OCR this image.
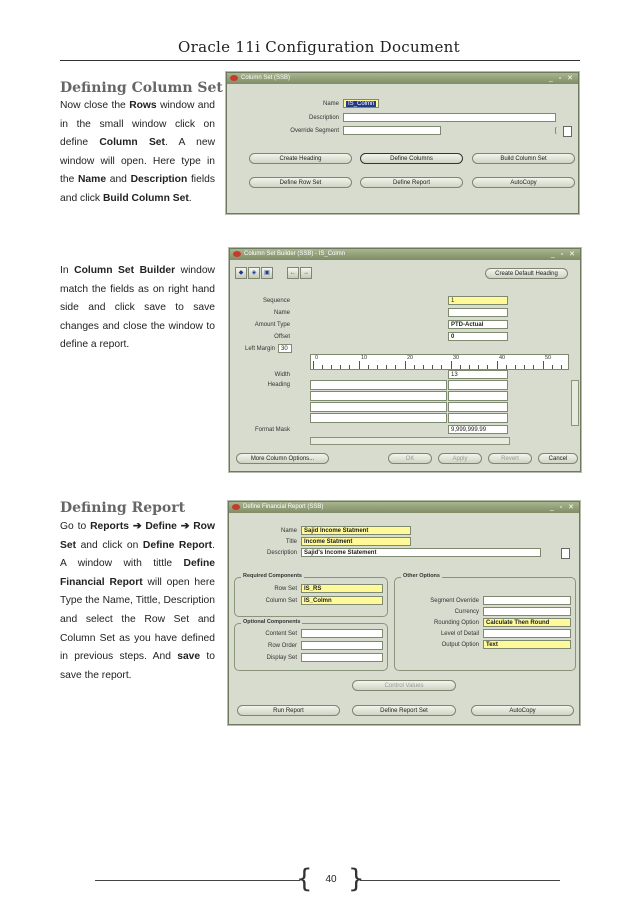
Oracle 11i Configuration Document
Defining Column Set
Now close the Rows window and in the small window click on define Column Set. A new window will open. Here type in the Name and Description fields and click Build Column Set.
Column Set (SSB)	_ ▫ ✕
Name	IS_Colmn
Description
Override Segment	[
Create Heading	Define Columns	Build Column Set
Define Row Set	Define Report	AutoCopy
In Column Set Builder window match the fields as on right hand side and click save to save changes and close the window to define a report.
Column Set Builder (SSB) - IS_Colmn	_ ▫ ✕
◆	◈	▣	←	→	Create Default Heading
Sequence	1
Name
Amount Type	PTD-Actual
Offset	0
Left Margin	30
0	10	20	30	40	50
Width	13
Heading
Format Mask	9,999,999.99
More Column Options...	OK	Apply	Revert	Cancel
Defining Report
Go to Reports ➔ Define ➔ Row Set and click on Define Report. A window with tittle Define Financial Report will open here Type the Name, Tittle, Description and select the Row Set and Column Set as you have defined in previous steps. And save to save the report.
Define Financial Report (SSB)	_ ▫ ✕
Name	Sajid Income Statment
Title	Income Statment
Description	Sajid's Income Statement
Required Components
Row Set	IS_RS
Column Set	IS_Colmn
Optional Components
Content Set
Row Order
Display Set
Other Options
Segment Override
Currency
Rounding Option	Calculate Then Round
Level of Detail
Output Option	Text
Control Values
Run Report	Define Report Set	AutoCopy
{ }
40
